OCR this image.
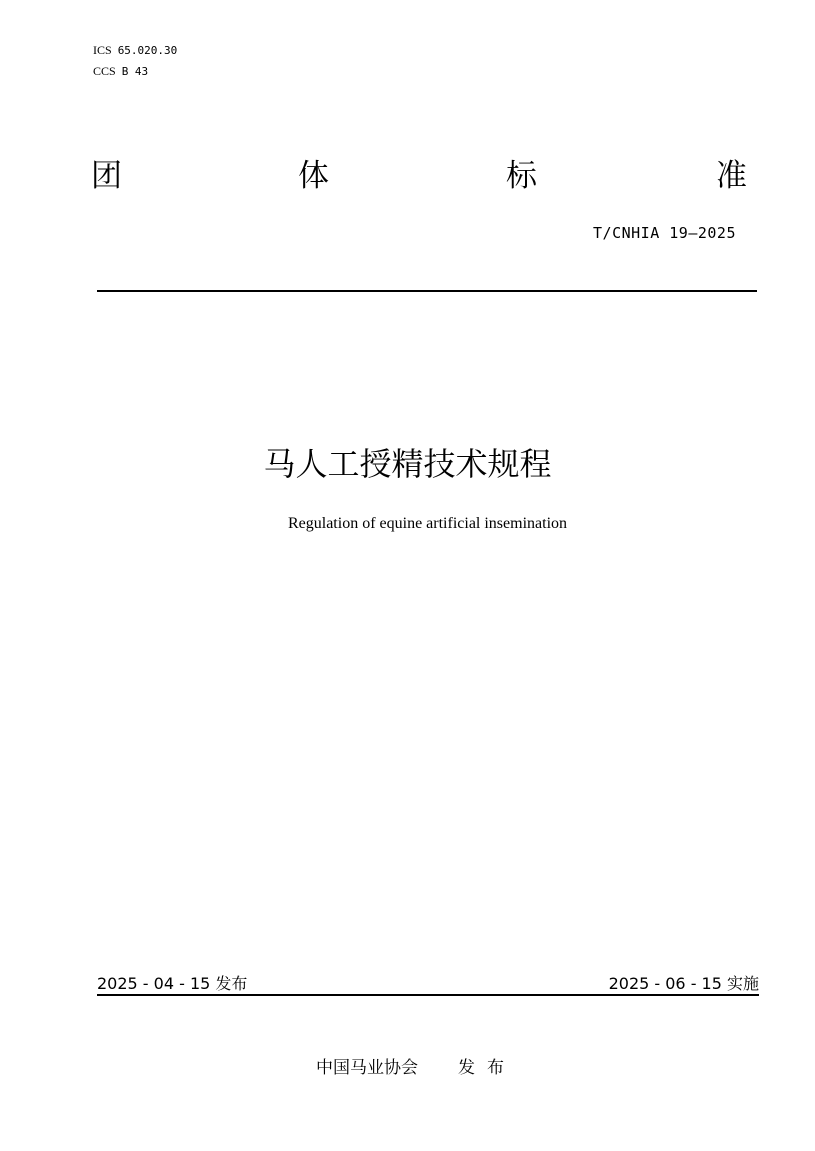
ICS 65.020.30
CCS B 43
团	体	标	准
T/CNHIA 19—2025
马人工授精技术规程
Regulation of equine artificial insemination
2025 - 04 - 15 发布	2025 - 06 - 15 实施
中国马业协会 发布
